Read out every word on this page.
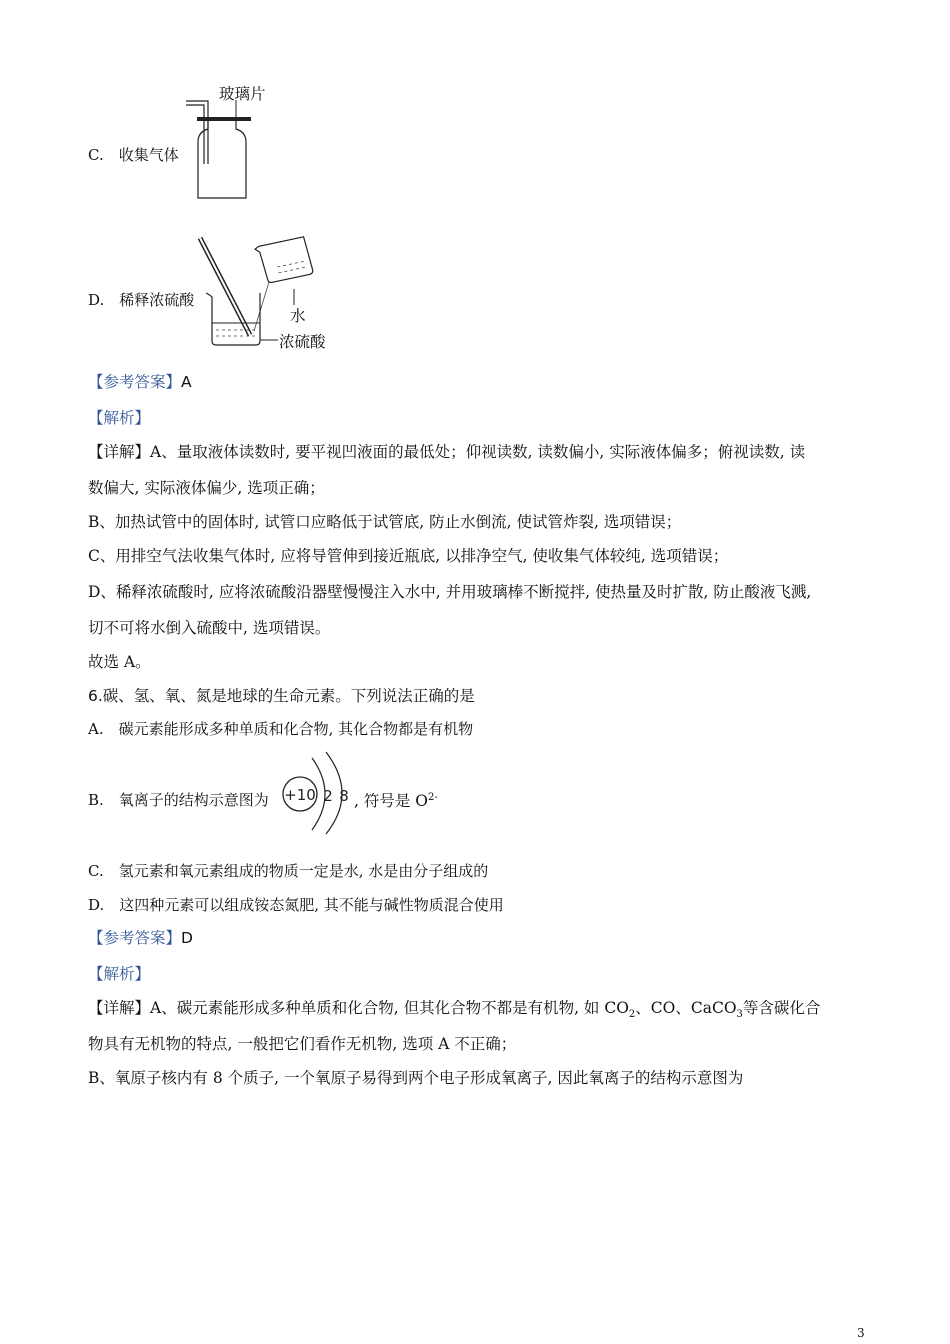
C.　收集气体
玻璃片
D.　稀释浓硫酸
水
浓硫酸
【参考答案】A
【解析】
【详解】A、量取液体读数时, 要平视凹液面的最低处；仰视读数, 读数偏小, 实际液体偏多；俯视读数, 读
数偏大, 实际液体偏少, 选项正确；
B、加热试管中的固体时, 试管口应略低于试管底, 防止水倒流, 使试管炸裂, 选项错误；
C、用排空气法收集气体时, 应将导管伸到接近瓶底, 以排净空气, 使收集气体较纯, 选项错误；
D、稀释浓硫酸时, 应将浓硫酸沿器壁慢慢注入水中, 并用玻璃棒不断搅拌, 使热量及时扩散, 防止酸液飞溅,
切不可将水倒入硫酸中, 选项错误。
故选 A。
6.碳、氢、氧、氮是地球的生命元素。下列说法正确的是
A.　碳元素能形成多种单质和化合物, 其化合物都是有机物
B.　氧离子的结构示意图为 +10 2 8 , 符号是 $O^{2-}$
C.　氢元素和氧元素组成的物质一定是水, 水是由分子组成的
D.　这四种元素可以组成铵态氮肥, 其不能与碱性物质混合使用
【参考答案】D
【解析】
【详解】A、碳元素能形成多种单质和化合物, 但其化合物不都是有机物, 如 $CO_2$、CO、CaCO$_3$等含碳化合
物具有无机物的特点, 一般把它们看作无机物, 选项 A 不正确；
B、氧原子核内有 8 个质子, 一个氧原子易得到两个电子形成氧离子, 因此氧离子的结构示意图为
3
